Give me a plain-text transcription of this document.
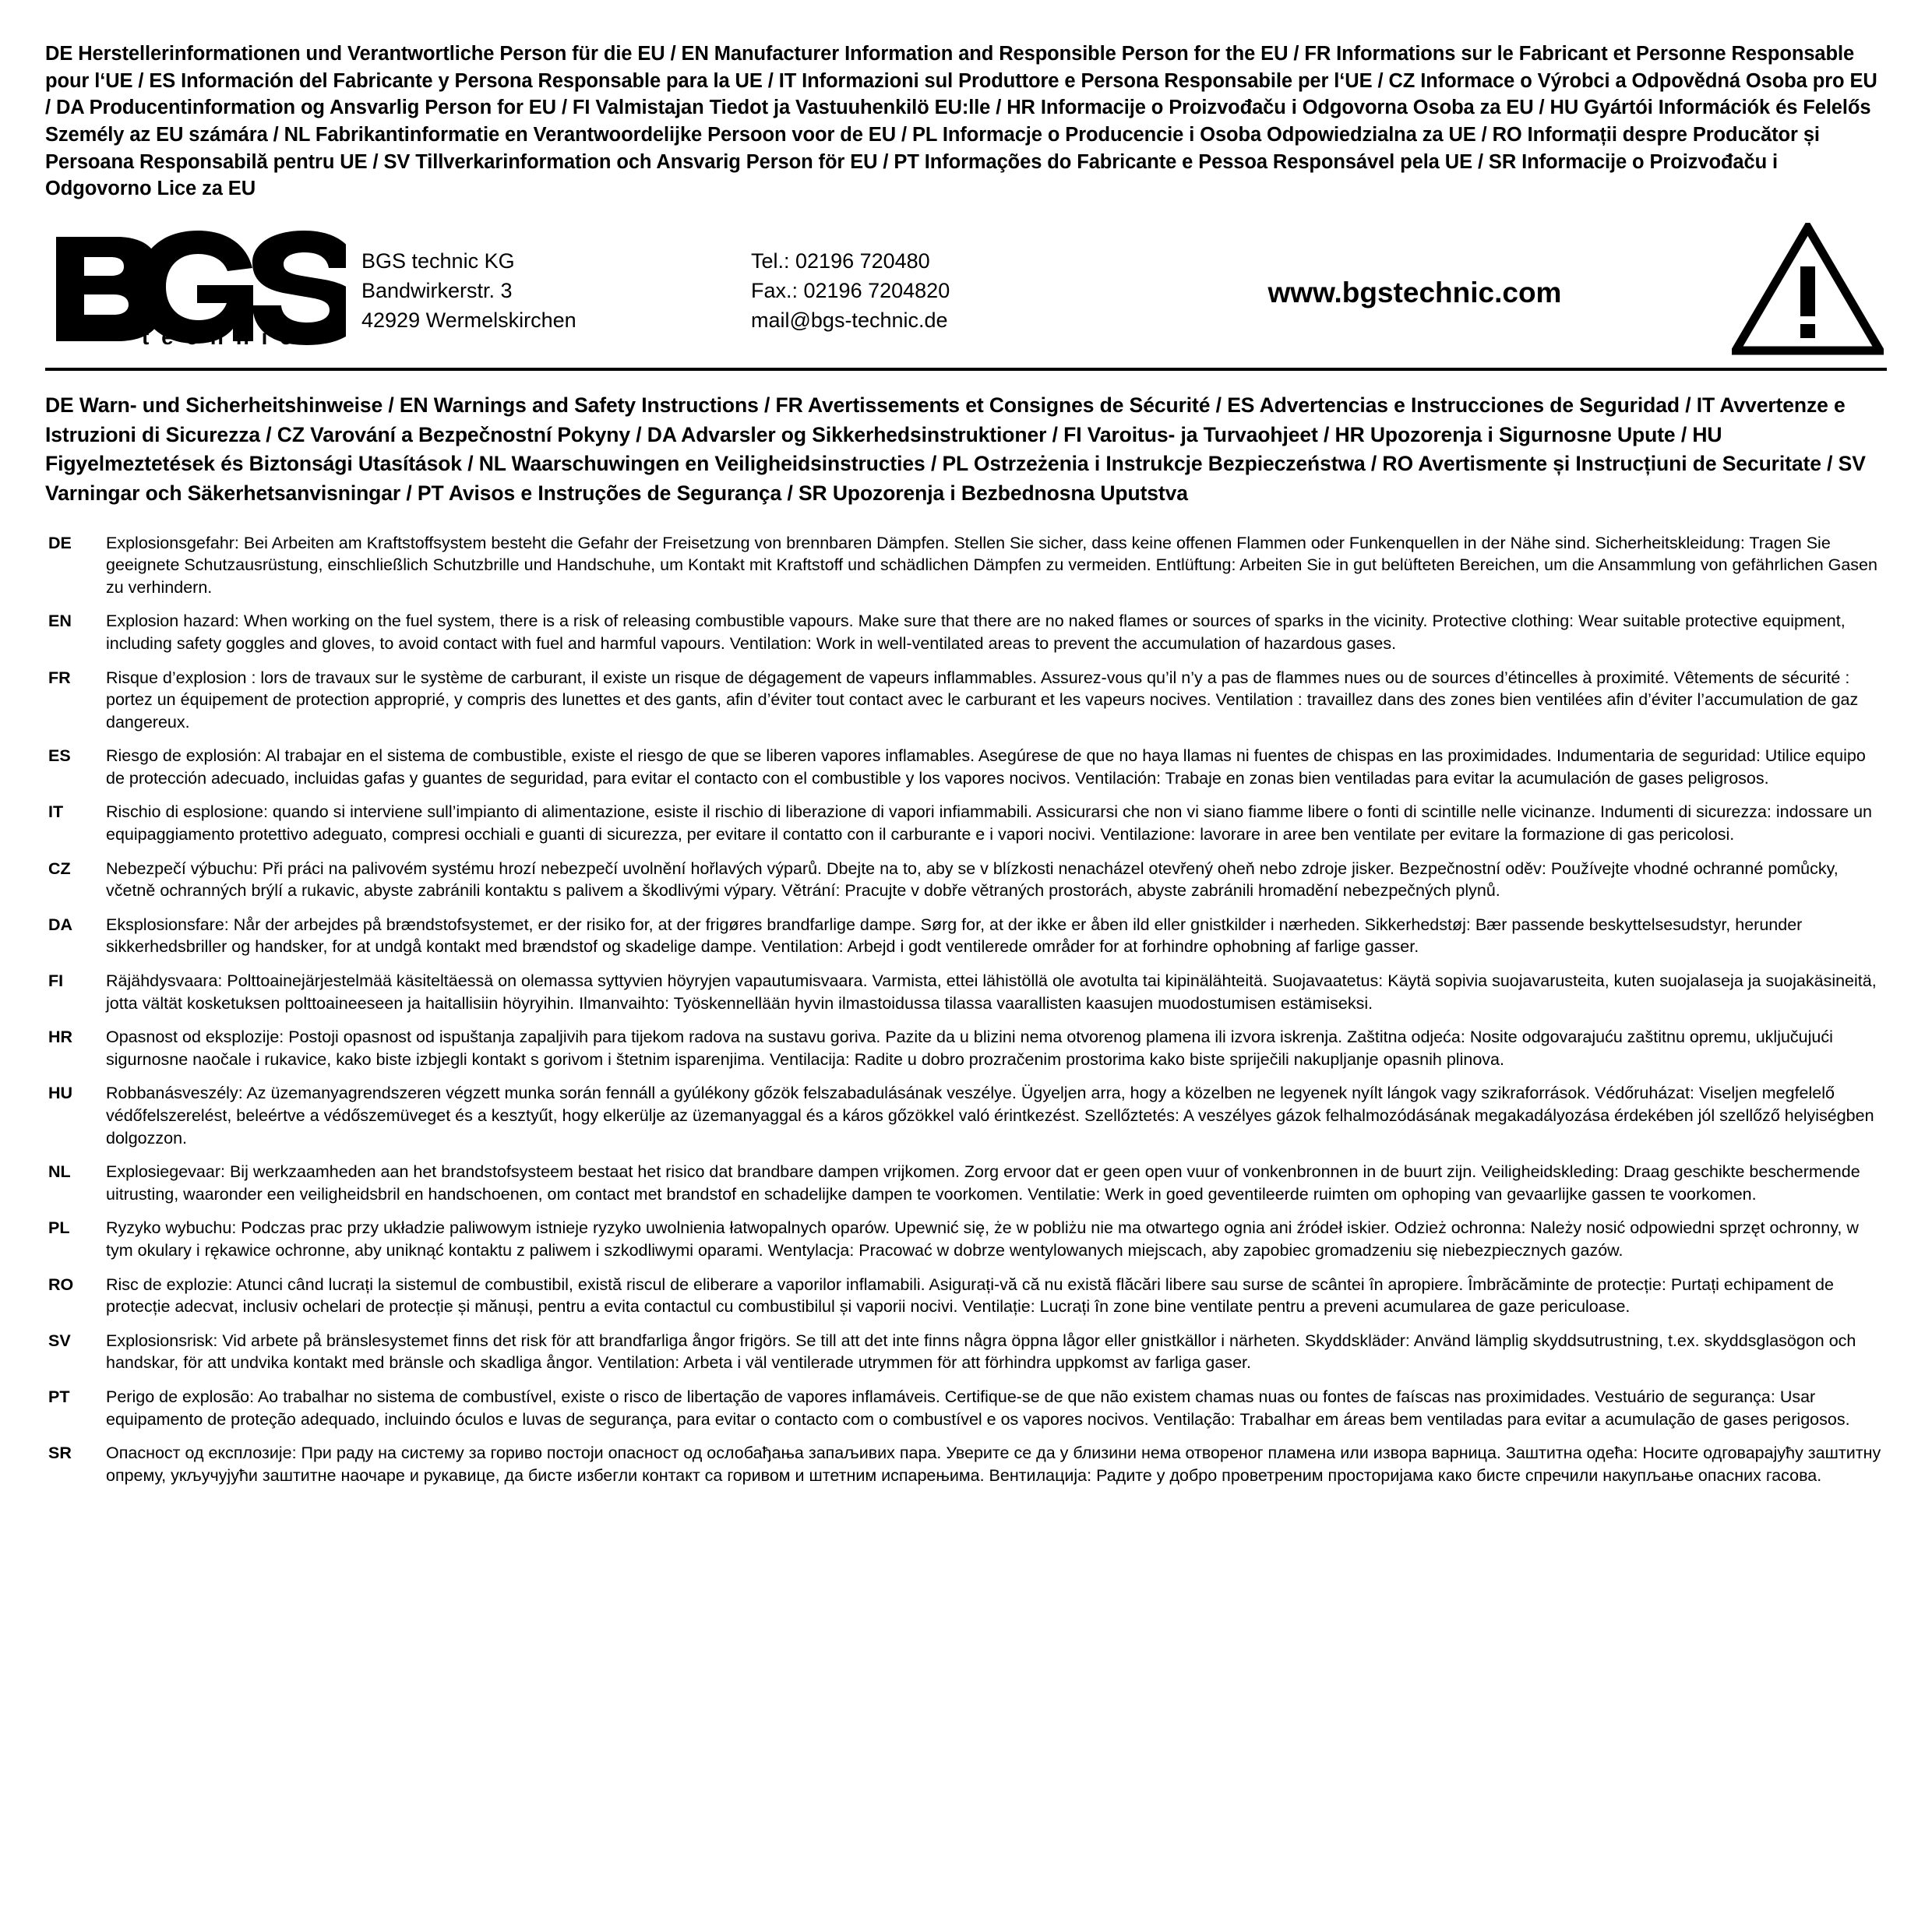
DE Herstellerinformationen und Verantwortliche Person für die EU / EN Manufacturer Information and Responsible Person for the EU / FR Informations sur le Fabricant et Personne Responsable pour l‘UE / ES Información del Fabricante y Persona Responsable para la UE / IT Informazioni sul Produttore e Persona Responsabile per l‘UE / CZ Informace o Výrobci a Odpovědná Osoba pro EU / DA Producentinformation og Ansvarlig Person for EU / FI Valmistajan Tiedot ja Vastuuhenkilö EU:lle / HR Informacije o Proizvođaču i Odgovorna Osoba za EU / HU Gyártói Információk és Felelős Személy az EU számára / NL Fabrikantinformatie en Verantwoordelijke Persoon voor de EU / PL Informacje o Producencie i Osoba Odpowiedzialna za UE / RO Informații despre Producător și Persoana Responsabilă pentru UE / SV Tillverkarinformation och Ansvarig Person för EU / PT Informações do Fabricante e Pessoa Responsável pela UE / SR Informacije o Proizvođaču i Odgovorno Lice za EU
®
t e c h n i c
BGS technic KG
Bandwirkerstr. 3
42929 Wermelskirchen
Tel.: 02196 720480
Fax.: 02196 7204820
mail@bgs-technic.de
www.bgstechnic.com
DE Warn- und Sicherheitshinweise / EN Warnings and Safety Instructions / FR Avertissements et Consignes de Sécurité / ES Advertencias e Instrucciones de Seguridad / IT Avvertenze e Istruzioni di Sicurezza / CZ Varování a Bezpečnostní Pokyny / DA Advarsler og Sikkerhedsinstruktioner / FI Varoitus- ja Turvaohjeet / HR Upozorenja i Sigurnosne Upute / HU Figyelmeztetések és Biztonsági Utasítások / NL Waarschuwingen en Veiligheidsinstructies / PL Ostrzeżenia i Instrukcje Bezpieczeństwa / RO Avertismente și Instrucțiuni de Securitate / SV Varningar och Säkerhetsanvisningar / PT Avisos e Instruções de Segurança / SR Upozorenja i Bezbednosna Uputstva
DE	Explosionsgefahr: Bei Arbeiten am Kraftstoffsystem besteht die Gefahr der Freisetzung von brennbaren Dämpfen. Stellen Sie sicher, dass keine offenen Flammen oder Funkenquellen in der Nähe sind. Sicherheitskleidung: Tragen Sie geeignete Schutzausrüstung, einschließlich Schutzbrille und Handschuhe, um Kontakt mit Kraftstoff und schädlichen Dämpfen zu vermeiden. Entlüftung: Arbeiten Sie in gut belüfteten Bereichen, um die Ansammlung von gefährlichen Gasen zu verhindern.
EN	Explosion hazard: When working on the fuel system, there is a risk of releasing combustible vapours. Make sure that there are no naked flames or sources of sparks in the vicinity. Protective clothing: Wear suitable protective equipment, including safety goggles and gloves, to avoid contact with fuel and harmful vapours. Ventilation: Work in well-ventilated areas to prevent the accumulation of hazardous gases.
FR	Risque d’explosion : lors de travaux sur le système de carburant, il existe un risque de dégagement de vapeurs inflammables. Assurez-vous qu’il n’y a pas de flammes nues ou de sources d’étincelles à proximité. Vêtements de sécurité : portez un équipement de protection approprié, y compris des lunettes et des gants, afin d’éviter tout contact avec le carburant et les vapeurs nocives. Ventilation : travaillez dans des zones bien ventilées afin d’éviter l’accumulation de gaz dangereux.
ES	Riesgo de explosión: Al trabajar en el sistema de combustible, existe el riesgo de que se liberen vapores inflamables. Asegúrese de que no haya llamas ni fuentes de chispas en las proximidades. Indumentaria de seguridad: Utilice equipo de protección adecuado, incluidas gafas y guantes de seguridad, para evitar el contacto con el combustible y los vapores nocivos. Ventilación: Trabaje en zonas bien ventiladas para evitar la acumulación de gases peligrosos.
IT	Rischio di esplosione: quando si interviene sull’impianto di alimentazione, esiste il rischio di liberazione di vapori infiammabili. Assicurarsi che non vi siano fiamme libere o fonti di scintille nelle vicinanze. Indumenti di sicurezza: indossare un equipaggiamento protettivo adeguato, compresi occhiali e guanti di sicurezza, per evitare il contatto con il carburante e i vapori nocivi. Ventilazione: lavorare in aree ben ventilate per evitare la formazione di gas pericolosi.
CZ	Nebezpečí výbuchu: Při práci na palivovém systému hrozí nebezpečí uvolnění hořlavých výparů. Dbejte na to, aby se v blízkosti nenacházel otevřený oheň nebo zdroje jisker. Bezpečnostní oděv: Používejte vhodné ochranné pomůcky, včetně ochranných brýlí a rukavic, abyste zabránili kontaktu s palivem a škodlivými výpary. Větrání: Pracujte v dobře větraných prostorách, abyste zabránili hromadění nebezpečných plynů.
DA	Eksplosionsfare: Når der arbejdes på brændstofsystemet, er der risiko for, at der frigøres brandfarlige dampe. Sørg for, at der ikke er åben ild eller gnistkilder i nærheden. Sikkerhedstøj: Bær passende beskyttelsesudstyr, herunder sikkerhedsbriller og handsker, for at undgå kontakt med brændstof og skadelige dampe. Ventilation: Arbejd i godt ventilerede områder for at forhindre ophobning af farlige gasser.
FI	Räjähdysvaara: Polttoainejärjestelmää käsiteltäessä on olemassa syttyvien höyryjen vapautumisvaara. Varmista, ettei lähistöllä ole avotulta tai kipinälähteitä. Suojavaatetus: Käytä sopivia suojavarusteita, kuten suojalaseja ja suojakäsineitä, jotta vältät kosketuksen polttoaineeseen ja haitallisiin höyryihin. Ilmanvaihto: Työskennellään hyvin ilmastoidussa tilassa vaarallisten kaasujen muodostumisen estämiseksi.
HR	Opasnost od eksplozije: Postoji opasnost od ispuštanja zapaljivih para tijekom radova na sustavu goriva. Pazite da u blizini nema otvorenog plamena ili izvora iskrenja. Zaštitna odjeća: Nosite odgovarajuću zaštitnu opremu, uključujući sigurnosne naočale i rukavice, kako biste izbjegli kontakt s gorivom i štetnim isparenjima. Ventilacija: Radite u dobro prozračenim prostorima kako biste spriječili nakupljanje opasnih plinova.
HU	Robbanásveszély: Az üzemanyagrendszeren végzett munka során fennáll a gyúlékony gőzök felszabadulásának veszélye. Ügyeljen arra, hogy a közelben ne legyenek nyílt lángok vagy szikraforrások. Védőruházat: Viseljen megfelelő védőfelszerelést, beleértve a védőszemüveget és a kesztyűt, hogy elkerülje az üzemanyaggal és a káros gőzökkel való érintkezést. Szellőztetés: A veszélyes gázok felhalmozódásának megakadályozása érdekében jól szellőző helyiségben dolgozzon.
NL	Explosiegevaar: Bij werkzaamheden aan het brandstofsysteem bestaat het risico dat brandbare dampen vrijkomen. Zorg ervoor dat er geen open vuur of vonkenbronnen in de buurt zijn. Veiligheidskleding: Draag geschikte beschermende uitrusting, waaronder een veiligheidsbril en handschoenen, om contact met brandstof en schadelijke dampen te voorkomen. Ventilatie: Werk in goed geventileerde ruimten om ophoping van gevaarlijke gassen te voorkomen.
PL	Ryzyko wybuchu: Podczas prac przy układzie paliwowym istnieje ryzyko uwolnienia łatwopalnych oparów. Upewnić się, że w pobliżu nie ma otwartego ognia ani źródeł iskier. Odzież ochronna: Należy nosić odpowiedni sprzęt ochronny, w tym okulary i rękawice ochronne, aby uniknąć kontaktu z paliwem i szkodliwymi oparami. Wentylacja: Pracować w dobrze wentylowanych miejscach, aby zapobiec gromadzeniu się niebezpiecznych gazów.
RO	Risc de explozie: Atunci când lucrați la sistemul de combustibil, există riscul de eliberare a vaporilor inflamabili. Asigurați-vă că nu există flăcări libere sau surse de scântei în apropiere. Îmbrăcăminte de protecție: Purtați echipament de protecție adecvat, inclusiv ochelari de protecție și mănuși, pentru a evita contactul cu combustibilul și vaporii nocivi. Ventilație: Lucrați în zone bine ventilate pentru a preveni acumularea de gaze periculoase.
SV	Explosionsrisk: Vid arbete på bränslesystemet finns det risk för att brandfarliga ångor frigörs. Se till att det inte finns några öppna lågor eller gnistkällor i närheten. Skyddskläder: Använd lämplig skyddsutrustning, t.ex. skyddsglasögon och handskar, för att undvika kontakt med bränsle och skadliga ångor. Ventilation: Arbeta i väl ventilerade utrymmen för att förhindra uppkomst av farliga gaser.
PT	Perigo de explosão: Ao trabalhar no sistema de combustível, existe o risco de libertação de vapores inflamáveis. Certifique-se de que não existem chamas nuas ou fontes de faíscas nas proximidades. Vestuário de segurança: Usar equipamento de proteção adequado, incluindo óculos e luvas de segurança, para evitar o contacto com o combustível e os vapores nocivos. Ventilação: Trabalhar em áreas bem ventiladas para evitar a acumulação de gases perigosos.
SR	Опасност од експлозије: При раду на систему за гориво постоји опасност од ослобађања запаљивих пара. Уверите се да у близини нема отвореног пламена или извора варница. Заштитна одећа: Носите одговарајућу заштитну опрему, укључујући заштитне наочаре и рукавице, да бисте избегли контакт са горивом и штетним испарењима. Вентилација: Радите у добро проветреним просторијама како бисте спречили накупљање опасних гасова.
